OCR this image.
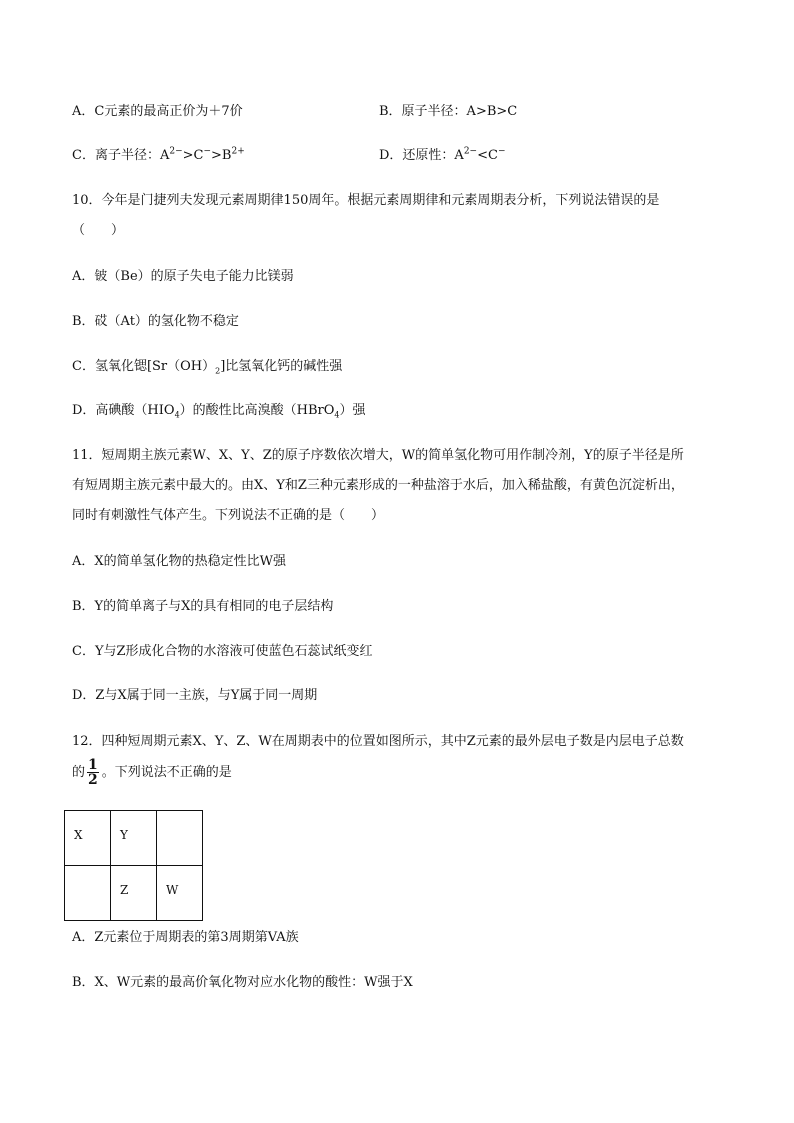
A．C元素的最高正价为＋7价	B．原子半径：A>B>C
C．离子半径：$A^{2-}>C^->B^{2+}$	D．还原性：$A^{2-}<C^-$
10．今年是门捷列夫发现元素周期律150周年。根据元素周期律和元素周期表分析，下列说法错误的是
（　　）
A．铍（Be）的原子失电子能力比镁弱
B．砹（At）的氢化物不稳定
C．氢氧化锶$[Sr(OH)_2]$比氢氧化钙的碱性强
D．高碘酸$(HIO_4)$的酸性比高溴酸（HBrO$_4$）强
11．短周期主族元素W、X、Y、Z的原子序数依次增大，W的简单氢化物可用作制冷剂，Y的原子半径是所
有短周期主族元素中最大的。由X、Y和Z三种元素形成的一种盐溶于水后，加入稀盐酸，有黄色沉淀析出，
同时有刺激性气体产生。下列说法不正确的是（　　）
A．X的简单氢化物的热稳定性比W强
B．Y的简单离子与X的具有相同的电子层结构
C．Y与Z形成化合物的水溶液可使蓝色石蕊试纸变红
D．Z与X属于同一主族，与Y属于同一周期
12．四种短周期元素X、Y、Z、W在周期表中的位置如图所示，其中Z元素的最外层电子数是内层电子总数
的 $\frac{1}{2}$ 。下列说法不正确的是
X	Y	
	Z	W
A．Z元素位于周期表的第3周期第VA族
B．X、W元素的最高价氧化物对应水化物的酸性：W强于X
